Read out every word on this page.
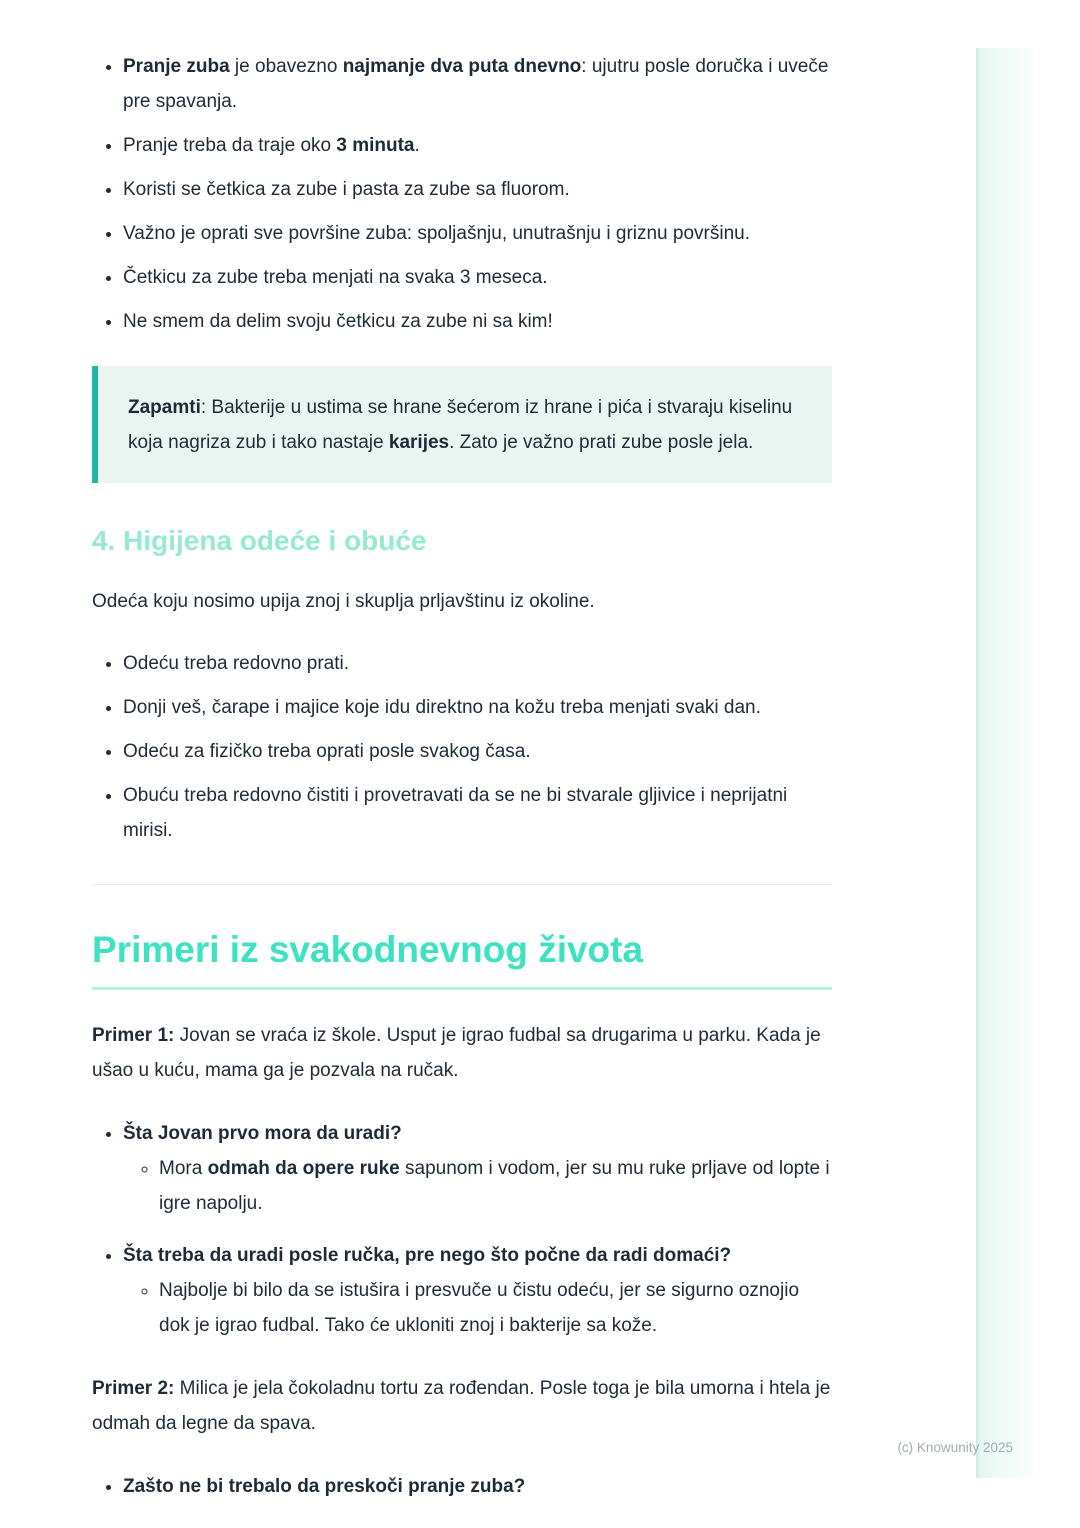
• Pranje zuba je obavezno najmanje dva puta dnevno: ujutru posle doručka i uveče pre spavanja.
• Pranje treba da traje oko 3 minuta.
• Koristi se četkica za zube i pasta za zube sa fluorom.
• Važno je oprati sve površine zuba: spoljašnju, unutrašnju i griznu površinu.
• Četkicu za zube treba menjati na svaka 3 meseca.
• Ne smem da delim svoju četkicu za zube ni sa kim!

Zapamti: Bakterije u ustima se hrane šećerom iz hrane i pića i stvaraju kiselinu koja nagriza zub i tako nastaje karijes. Zato je važno prati zube posle jela.

4. Higijena odeće i obuće

Odeća koju nosimo upija znoj i skuplja prljavštinu iz okoline.

• Odeću treba redovno prati.
• Donji veš, čarape i majice koje idu direktno na kožu treba menjati svaki dan.
• Odeću za fizičko treba oprati posle svakog časa.
• Obuću treba redovno čistiti i provetravati da se ne bi stvarale gljivice i neprijatni mirisi.
Primeri iz svakodnevnog života

Primer 1: Jovan se vraća iz škole. Usput je igrao fudbal sa drugarima u parku. Kada je ušao u kuću, mama ga je pozvala na ručak.

• Šta Jovan prvo mora da uradi?
◦ Mora odmah da opere ruke sapunom i vodom, jer su mu ruke prljave od lopte i igre napolju.
• Šta treba da uradi posle ručka, pre nego što počne da radi domaći?
◦ Najbolje bi bilo da se istušira i presvuče u čistu odeću, jer se sigurno oznojio dok je igrao fudbal. Tako će ukloniti znoj i bakterije sa kože.

Primer 2: Milica je jela čokoladnu tortu za rođendan. Posle toga je bila umorna i htela je odmah da legne da spava.

• Zašto ne bi trebalo da preskoči pranje zuba?
(c) Knowunity 2025
